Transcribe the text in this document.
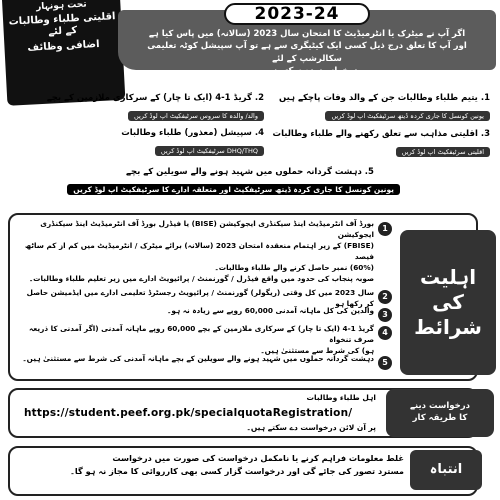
تحت ہونہار
اقلیتی طلباء وطالبات کے لئے
اضافی وظائف
اگر آپ نے میٹرک یا انٹرمیڈیٹ کا امتحان سال 2023 (سالانہ) میں پاس کیا ہے
اور آپ کا تعلق درج ذیل کسی ایک کیٹیگری سے ہے تو آپ سپیشل کوٹہ تعلیمی سکالرشپ کے لئے
درخواست دے سکتے ہیں۔
2023-24
1. یتیم طلباء وطالبات جن کے والد وفات پاچکے ہیں
یونین کونسل کا جاری کردہ ڈیتھ سرٹیفکیٹ اپ لوڈ کریں
2. گریڈ 1-4 (ایک تا چار) کے سرکاری ملازمین کے بچے
والد/ والدہ کا سروس سرٹیفکیٹ اپ لوڈ کریں
3. اقلیتی مذاہب سے تعلق رکھنے والے طلباء وطالبات
اقلیتی سرٹیفکیٹ اپ لوڈ کریں
4. سپیشل (معذور) طلباء وطالبات
DHQ/THQ سرٹیفکیٹ اپ لوڈ کریں
5. دہشت گردانہ حملوں میں شہید ہونے والے سویلین کے بچے
یونین کونسل کا جاری کردہ ڈیتھ سرٹیفکیٹ اور متعلقہ ادارے کا سرٹیفکیٹ اپ لوڈ کریں
اہلیت
کی
شرائط
1
بورڈ آف انٹرمیڈیٹ اینڈ سیکنڈری ایجوکیشن (BISE) یا فیڈرل بورڈ آف انٹرمیڈیٹ اینڈ سیکنڈری ایجوکیشن
(FBISE) کے زیر اہتمام منعقدہ امتحان 2023 (سالانہ) برائے میٹرک / انٹرمیڈیٹ میں کم از کم ساٹھ فیصد
(60%) نمبر حاصل کرنے والے طلباء وطالبات۔
صوبہ پنجاب کی حدود میں واقع فیڈرل / گورنمنٹ / پرائیویٹ ادارے میں زیر تعلیم طلباء وطالبات۔
2
سال 2023 میں کل وقتی (ریگولر) گورنمنٹ / پرائیویٹ رجسٹرڈ تعلیمی ادارے میں ایڈمیشن حاصل کر رکھا ہو
3
والدین کی کل ماہانہ آمدنی 60,000 روپے سے زیادہ نہ ہو۔
4
گریڈ 1-4 (ایک تا چار) کے سرکاری ملازمین کے بچے 60,000 روپے ماہانہ آمدنی (اگر آمدنی کا ذریعہ صرف تنخواہ
ہو) کی شرط سے مستثنیٰ ہیں۔
5
دہشت گردانہ حملوں میں شہید ہونے والے سویلین کے بچے ماہانہ آمدنی کی شرط سے مستثنیٰ ہیں۔
درخواست دینے
کا طریقہ کار
اہل طلباء وطالبات
https://student.peef.org.pk/specialquotaRegistration/
پر آن لائن درخواست دے سکتے ہیں۔
انتباہ
غلط معلومات فراہم کرنے یا نامکمل درخواست کی صورت میں درخواست
مسترد تصور کی جائے گی اور درخواست گزار کسی بھی کارروائی کا مجاز نہ ہو گا۔
